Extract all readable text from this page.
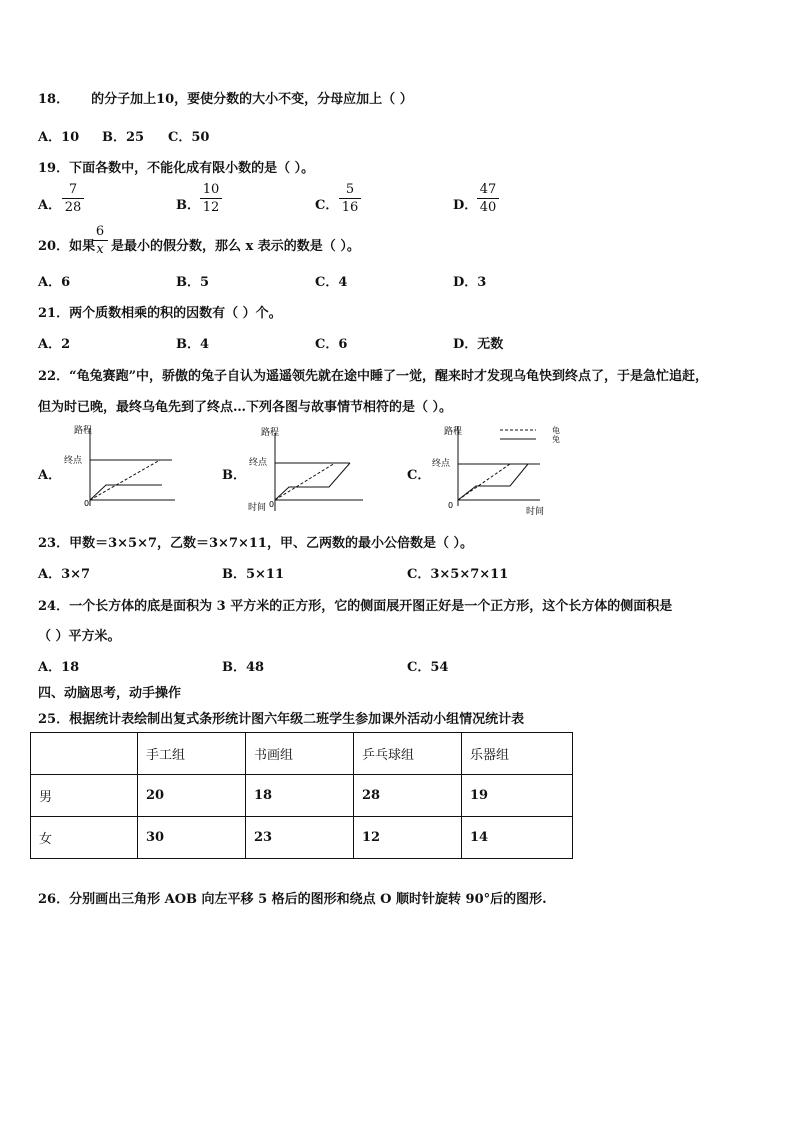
18． 的分子加上10，要使分数的大小不变，分母应加上（ ）
A．10 B．25 C．50
19．下面各数中，不能化成有限小数的是（ ）。
A．
7
28	B．
10
12	C．
5
16	D．
47
40
20．如果
6
x 是最小的假分数，那么 x 表示的数是（ ）。
A．6	B．5	C．4	D．3
21．两个质数相乘的积的因数有（ ）个。
A．2	B．4	C．6	D．无数
22．“龟兔赛跑”中，骄傲的兔子自认为遥遥领先就在途中睡了一觉，醒来时才发现乌龟快到终点了，于是急忙追赶，
但为时已晚，最终乌龟先到了终点…下列各图与故事情节相符的是（ ）。
A．
路程
终点
0
B．
路程
终点
0
C．
路程
终点
0
时间
龟
兔
时间
23．甲数＝3×5×7，乙数＝3×7×11，甲、乙两数的最小公倍数是（ ）。
A．3×7	B．5×11	C．3×5×7×11
24．一个长方体的底是面积为 3 平方米的正方形，它的侧面展开图正好是一个正方形，这个长方体的侧面积是
（ ）平方米。
A．18	B．48	C．54
四、动脑思考，动手操作
25．根据统计表绘制出复式条形统计图六年级二班学生参加课外活动小组情况统计表
	手工组	书画组	乒乓球组	乐器组
男	20	18	28	19
女	30	23	12	14
26．分别画出三角形 AOB 向左平移 5 格后的图形和绕点 O 顺时针旋转 90°后的图形.
